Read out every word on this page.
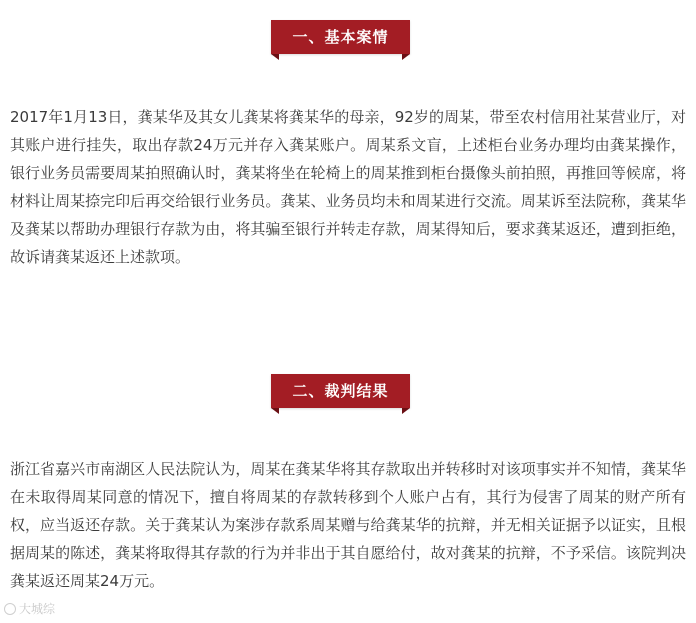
一、基本案情
2017年1月13日，龚某华及其女儿龚某将龚某华的母亲，92岁的周某，带至农村信用社某营业厅，对其账户进行挂失，取出存款24万元并存入龚某账户。周某系文盲，上述柜台业务办理均由龚某操作，银行业务员需要周某拍照确认时，龚某将坐在轮椅上的周某推到柜台摄像头前拍照，再推回等候席，将材料让周某捺完印后再交给银行业务员。龚某、业务员均未和周某进行交流。周某诉至法院称，龚某华及龚某以帮助办理银行存款为由，将其骗至银行并转走存款，周某得知后，要求龚某返还，遭到拒绝，故诉请龚某返还上述款项。
二、裁判结果
浙江省嘉兴市南湖区人民法院认为，周某在龚某华将其存款取出并转移时对该项事实并不知情，龚某华在未取得周某同意的情况下，擅自将周某的存款转移到个人账户占有，其行为侵害了周某的财产所有权，应当返还存款。关于龚某认为案涉存款系周某赠与给龚某华的抗辩，并无相关证据予以证实，且根据周某的陈述，龚某将取得其存款的行为并非出于其自愿给付，故对龚某的抗辩，不予采信。该院判决龚某返还周某24万元。
大城综
